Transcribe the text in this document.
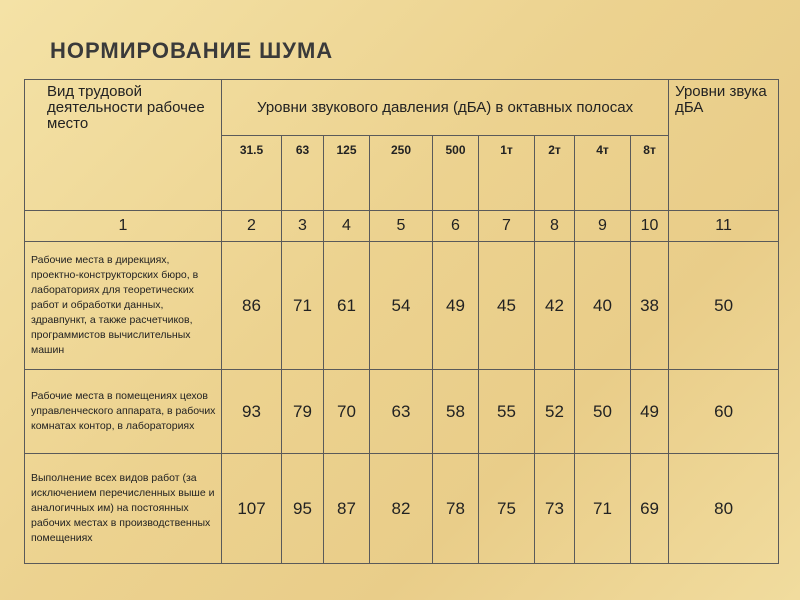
НОРМИРОВАНИЕ ШУМА
Вид трудовой деятельности рабочее место	Уровни звукового давления (дБА) в октавных полосах									Уровни звука дБА
	31.5	63	125	250	500	1т	2т	4т	8т	
1	2	3	4	5	6	7	8	9	10	11
Рабочие места в дирекциях, проектно-конструкторских бюро, в лабораториях для теоретических работ и обработки данных, здравпункт, а также расчетчиков, программистов вычислительных машин	86	71	61	54	49	45	42	40	38	50
Рабочие места в помещениях цехов управленческого аппарата, в рабочих комнатах контор, в лабораториях	93	79	70	63	58	55	52	50	49	60
Выполнение всех видов работ (за исключением перечисленных выше и аналогичных им) на постоянных рабочих местах в производственных помещениях	107	95	87	82	78	75	73	71	69	80
